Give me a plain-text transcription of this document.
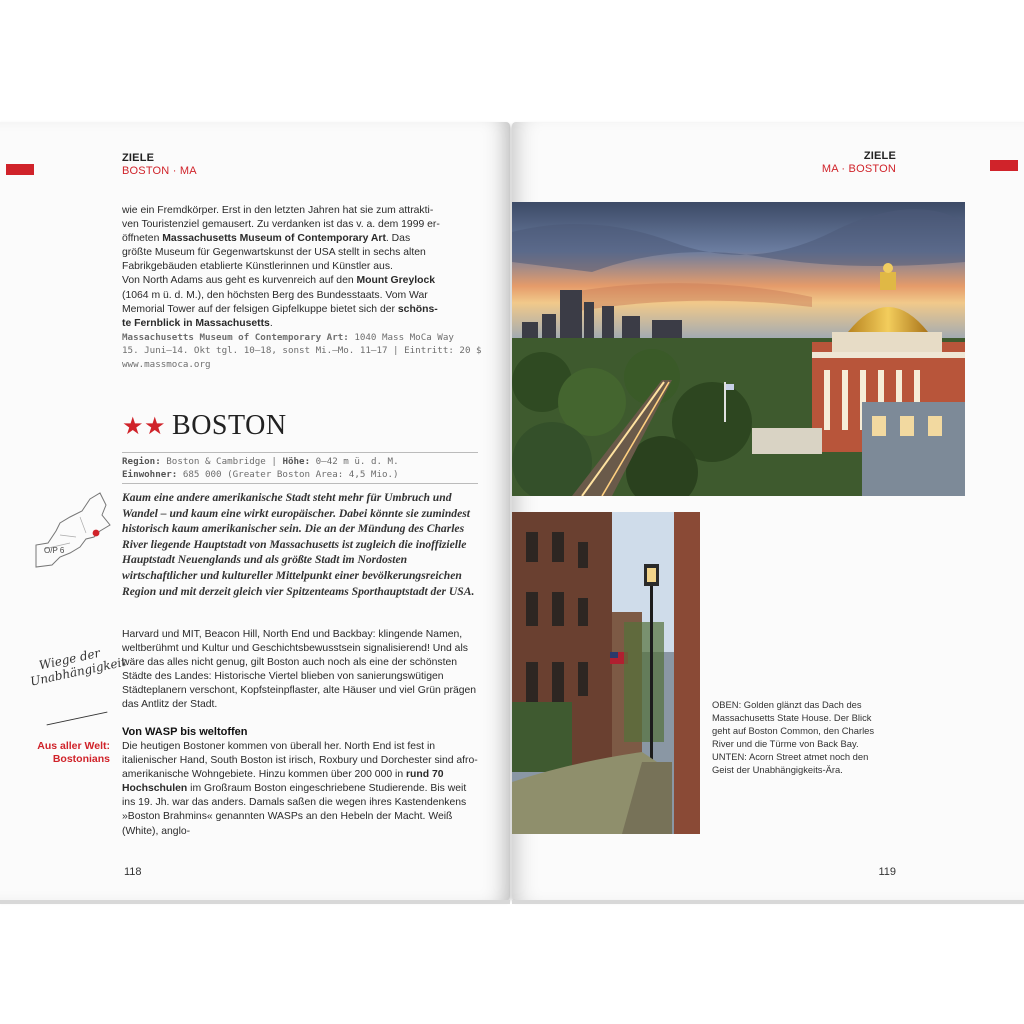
ZIELE
BOSTON · MA
wie ein Fremdkörper. Erst in den letzten Jahren hat sie zum attrakti-
ven Touristenziel gemausert. Zu verdanken ist das v. a. dem 1999 er-
öffneten Massachusetts Museum of Contemporary Art. Das
größte Museum für Gegenwartskunst der USA stellt in sechs alten
Fabrikgebäuden etablierte Künstlerinnen und Künstler aus.
Von North Adams aus geht es kurvenreich auf den Mount Greylock
(1064 m ü. d. M.), den höchsten Berg des Bundesstaats. Vom War
Memorial Tower auf der felsigen Gipfelkuppe bietet sich der schöns-
te Fernblick in Massachusetts.
Massachusetts Museum of Contemporary Art: 1040 Mass MoCa Way
15. Juni–14. Okt tgl. 10–18, sonst Mi.–Mo. 11–17 | Eintritt: 20 $
www.massmoca.org
★★ BOSTON
Region: Boston & Cambridge | Höhe: 0–42 m ü. d. M.
Einwohner: 685 000 (Greater Boston Area: 4,5 Mio.)
O/P 6
Kaum eine andere amerikanische Stadt steht mehr für Umbruch und Wandel – und kaum eine wirkt europäischer. Dabei könnte sie zumindest historisch kaum amerikanischer sein. Die an der Mündung des Charles River liegende Hauptstadt von Massachusetts ist zugleich die inoffizielle Hauptstadt Neuenglands und als größte Stadt im Nordosten wirtschaftlicher und kultureller Mittelpunkt einer bevölkerungsreichen Region und mit derzeit gleich vier Spitzenteams Sporthauptstadt der USA.
Wiege der Unabhängigkeit
Aus aller Welt: Bostonians
Harvard und MIT, Beacon Hill, North End und Backbay: klingende Namen, weltberühmt und Kultur und Geschichtsbewusstsein signalisierend! Und als wäre das alles nicht genug, gilt Boston auch noch als eine der schönsten Städte des Landes: Historische Viertel blieben von sanierungswütigen Städteplanern verschont, Kopfsteinpflaster, alte Häuser und viel Grün prägen das Antlitz der Stadt.
Von WASP bis weltoffen
Die heutigen Bostoner kommen von überall her. North End ist fest in italienischer Hand, South Boston ist irisch, Roxbury und Dorchester sind afro-amerikanische Wohngebiete. Hinzu kommen über 200 000 in rund 70 Hochschulen im Großraum Boston eingeschriebene Studierende. Bis weit ins 19. Jh. war das anders. Damals saßen die wegen ihres Kastendenkens »Boston Brahmins« genannten WASPs an den Hebeln der Macht. Weiß (White), anglo-
118
ZIELE
MA · BOSTON
OBEN: Golden glänzt das Dach des Massachusetts State House. Der Blick geht auf Boston Common, den Charles River und die Türme von Back Bay.
UNTEN: Acorn Street atmet noch den Geist der Unabhängigkeits-Ära.
119
